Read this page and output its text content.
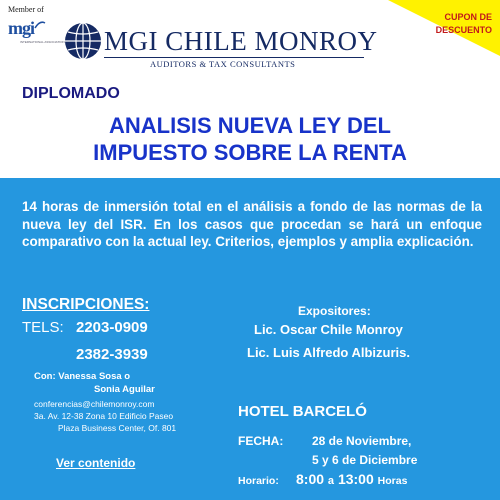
Member of
mgi
INTERNATIONAL ASSOCIATION MGI CHILE MONROY
AUDITORS & TAX CONSULTANTS
CUPON DE
DESCUENTO
DIPLOMADO
ANALISIS NUEVA LEY DEL
IMPUESTO SOBRE LA RENTA
14 horas de inmersión total en el análisis a fondo de las normas de la nueva ley del ISR. En los casos que procedan se hará un enfoque comparativo con la actual ley. Criterios, ejemplos y amplia explicación.
INSCRIPCIONES:
TELS: 2203-0909
2382-3939
Con: Vanessa Sosa o
Sonia Aguilar
conferencias@chilemonroy.com
3a. Av. 12-38 Zona 10 Edificio Paseo
Plaza Business Center, Of. 801
Ver contenido
Expositores:
Lic. Oscar Chile Monroy
Lic. Luis Alfredo Albizuris.
HOTEL BARCELÓ
FECHA: 28 de Noviembre,
5 y 6 de Diciembre
Horario: 8:00 a 13:00 Horas
